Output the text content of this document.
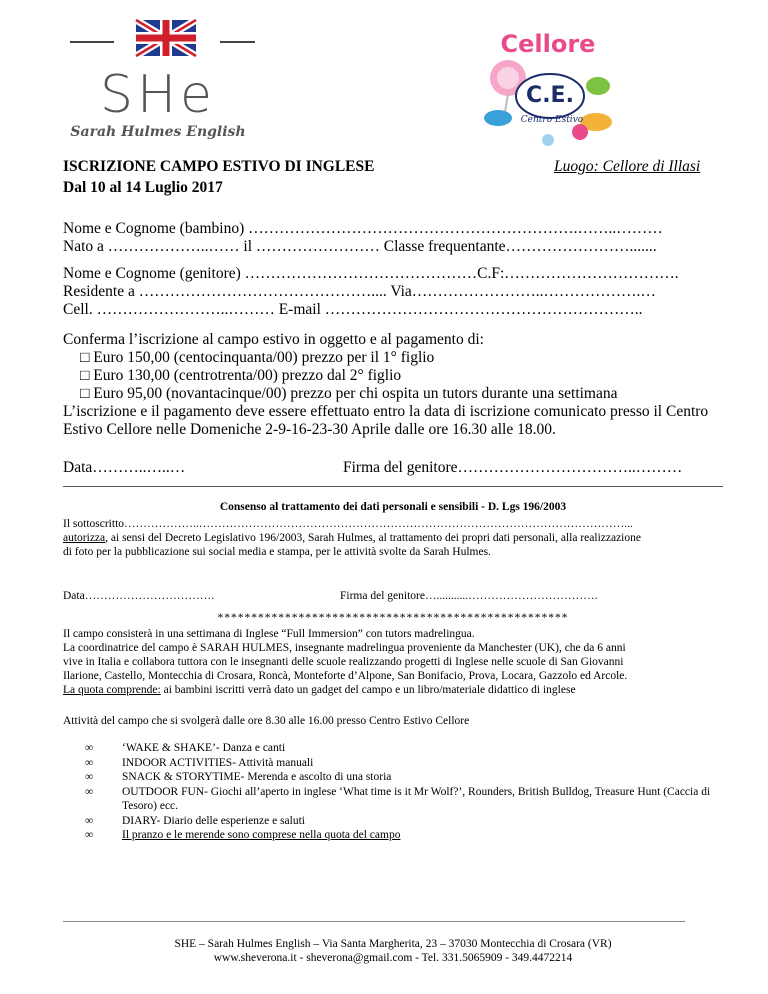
SHe
Sarah Hulmes English
Cellore
C.E.
Centro Estivo
ISCRIZIONE CAMPO ESTIVO DI INGLESE
Dal 10 al 14 Luglio 2017
Luogo: Cellore di Illasi
Nome e Cognome (bambino) ……………………………………………………….……..………
Nato a ………………..…… il …………………… Classe frequentante…………………….......
Nome e Cognome (genitore) ………………………………………C.F:…………………………….
Residente a ……………………………………….... Via……………………..……………….…
Cell. ……………………..……… E-mail ……………………………………………………..
Conferma l’iscrizione al campo estivo in oggetto e al pagamento di:
□ Euro 150,00 (centocinquanta/00) prezzo per il 1° figlio
□ Euro 130,00 (centrotrenta/00) prezzo dal 2° figlio
□ Euro 95,00 (novantacinque/00) prezzo per chi ospita un tutors durante una settimana
L’iscrizione e il pagamento deve essere effettuato entro la data di iscrizione comunicato presso il Centro
Estivo Cellore nelle Domeniche 2-9-16-23-30 Aprile dalle ore 16.30 alle 18.00.
Data………..…..…	Firma del genitore……………………………..………
Consenso al trattamento dei dati personali e sensibili - D. Lgs 196/2003
Il sottoscritto………………..…………………………………………………………………………………………………...
autorizza, ai sensi del Decreto Legislativo 196/2003, Sarah Hulmes, al trattamento dei propri dati personali, alla realizzazione
di foto per la pubblicazione sui social media e stampa, per le attività svolte da Sarah Hulmes.
Data…………………………….	Firma del genitore…...........…………………………….
****************************************************
Il campo consisterà in una settimana di Inglese “Full Immersion” con tutors madrelingua.
La coordinatrice del campo è SARAH HULMES, insegnante madrelingua proveniente da Manchester (UK), che da 6 anni
vive in Italia e collabora tuttora con le insegnanti delle scuole realizzando progetti di Inglese nelle scuole di San Giovanni
Ilarione, Castello, Montecchia di Crosara, Roncà, Monteforte d’Alpone, San Bonifacio, Prova, Locara, Gazzolo ed Arcole.
La quota comprende: ai bambini iscritti verrà dato un gadget del campo e un libro/materiale didattico di inglese
Attività del campo che si svolgerà dalle ore 8.30 alle 16.00 presso Centro Estivo Cellore
∞	‘WAKE & SHAKE’- Danza e canti
∞	INDOOR ACTIVITIES- Attività manuali
∞	SNACK & STORYTIME- Merenda e ascolto di una storia
∞	OUTDOOR FUN- Giochi all’aperto in inglese ‘What time is it Mr Wolf?’, Rounders, British Bulldog, Treasure Hunt (Caccia di Tesoro) ecc.
∞	DIARY- Diario delle esperienze e saluti
∞	Il pranzo e le merende sono comprese nella quota del campo
SHE – Sarah Hulmes English – Via Santa Margherita, 23 – 37030 Montecchia di Crosara (VR)
www.sheverona.it - sheverona@gmail.com - Tel. 331.5065909 - 349.4472214
